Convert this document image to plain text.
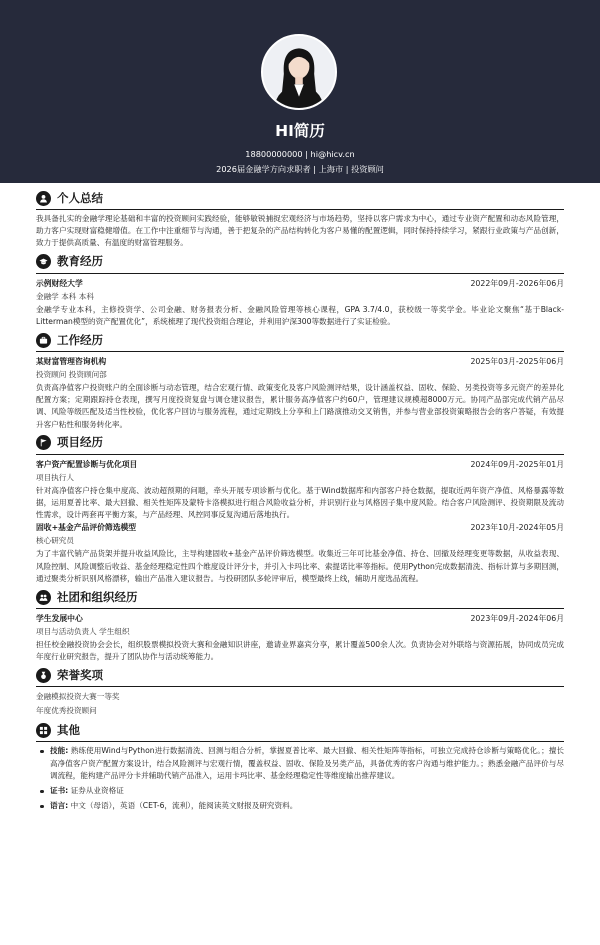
HI简历
18800000000 | hi@hicv.cn
2026届金融学方向求职者 | 上海市 | 投资顾问
个人总结
我具备扎实的金融学理论基础和丰富的投资顾问实践经验，能够敏锐捕捉宏观经济与市场趋势，坚持以客户需求为中心，通过专业资产配置和动态风险管理，助力客户实现财富稳健增值。在工作中注重细节与沟通，善于把复杂的产品结构转化为客户易懂的配置逻辑，同时保持持续学习，紧跟行业政策与产品创新，致力于提供高质量、有温度的财富管理服务。
教育经历
示例财经大学	2022年09月-2026年06月
金融学 本科 本科
金融学专业本科，主修投资学、公司金融、财务报表分析、金融风险管理等核心课程，GPA 3.7/4.0，获校级一等奖学金。毕业论文聚焦“基于Black-Litterman模型的资产配置优化”，系统梳理了现代投资组合理论，并利用沪深300等数据进行了实证检验。
工作经历
某财富管理咨询机构	2025年03月-2025年06月
投资顾问 投资顾问部
负责高净值客户投资账户的全面诊断与动态管理，结合宏观行情、政策变化及客户风险测评结果，设计涵盖权益、固收、保险、另类投资等多元资产的差异化配置方案；定期跟踪持仓表现，撰写月度投资复盘与调仓建议报告，累计服务高净值客户约60户，管理建议规模超8000万元。协同产品部完成代销产品尽调、风险等级匹配及适当性校验，优化客户回访与服务流程，通过定期线上分享和上门路演推动交叉销售，并参与营业部投资策略报告会的客户答疑，有效提升客户粘性和服务转化率。
项目经历
客户资产配置诊断与优化项目	2024年09月-2025年01月
项目执行人
针对高净值客户持仓集中度高、波动超预期的问题，牵头开展专项诊断与优化。基于Wind数据库和内部客户持仓数据，提取近两年资产净值、风格暴露等数据，运用夏普比率、最大回撤、相关性矩阵及蒙特卡洛模拟进行组合风险收益分析，并识别行业与风格因子集中度风险。结合客户风险测评、投资期限及流动性需求，设计两套再平衡方案，与产品经理、风控同事反复沟通后落地执行。
固收+基金产品评价筛选模型	2023年10月-2024年05月
核心研究员
为了丰富代销产品货架并提升收益风险比，主导构建固收+基金产品评价筛选模型。收集近三年可比基金净值、持仓、回撤及经理变更等数据，从收益表现、风险控制、风险调整后收益、基金经理稳定性四个维度设计评分卡，并引入卡玛比率、索提诺比率等指标。使用Python完成数据清洗、指标计算与多期回测，通过聚类分析识别风格漂移，输出产品准入建议报告。与投研团队多轮评审后，模型最终上线，辅助月度选品流程。
社团和组织经历
学生发展中心	2023年09月-2024年06月
项目与活动负责人 学生组织
担任校金融投资协会会长，组织股票模拟投资大赛和金融知识讲座，邀请业界嘉宾分享，累计覆盖500余人次。负责协会对外联络与资源拓展，协同成员完成年度行业研究报告，提升了团队协作与活动统筹能力。
荣誉奖项
金融模拟投资大赛一等奖
年度优秀投资顾问
其他
技能: 熟练使用Wind与Python进行数据清洗、回测与组合分析，掌握夏普比率、最大回撤、相关性矩阵等指标，可独立完成持仓诊断与策略优化。；擅长高净值客户资产配置方案设计，结合风险测评与宏观行情，覆盖权益、固收、保险及另类产品，具备优秀的客户沟通与维护能力。；熟悉金融产品评价与尽调流程，能构建产品评分卡并辅助代销产品准入，运用卡玛比率、基金经理稳定性等维度输出推荐建议。
证书: 证券从业资格证
语言: 中文（母语），英语（CET-6，流利），能阅读英文财报及研究资料。
